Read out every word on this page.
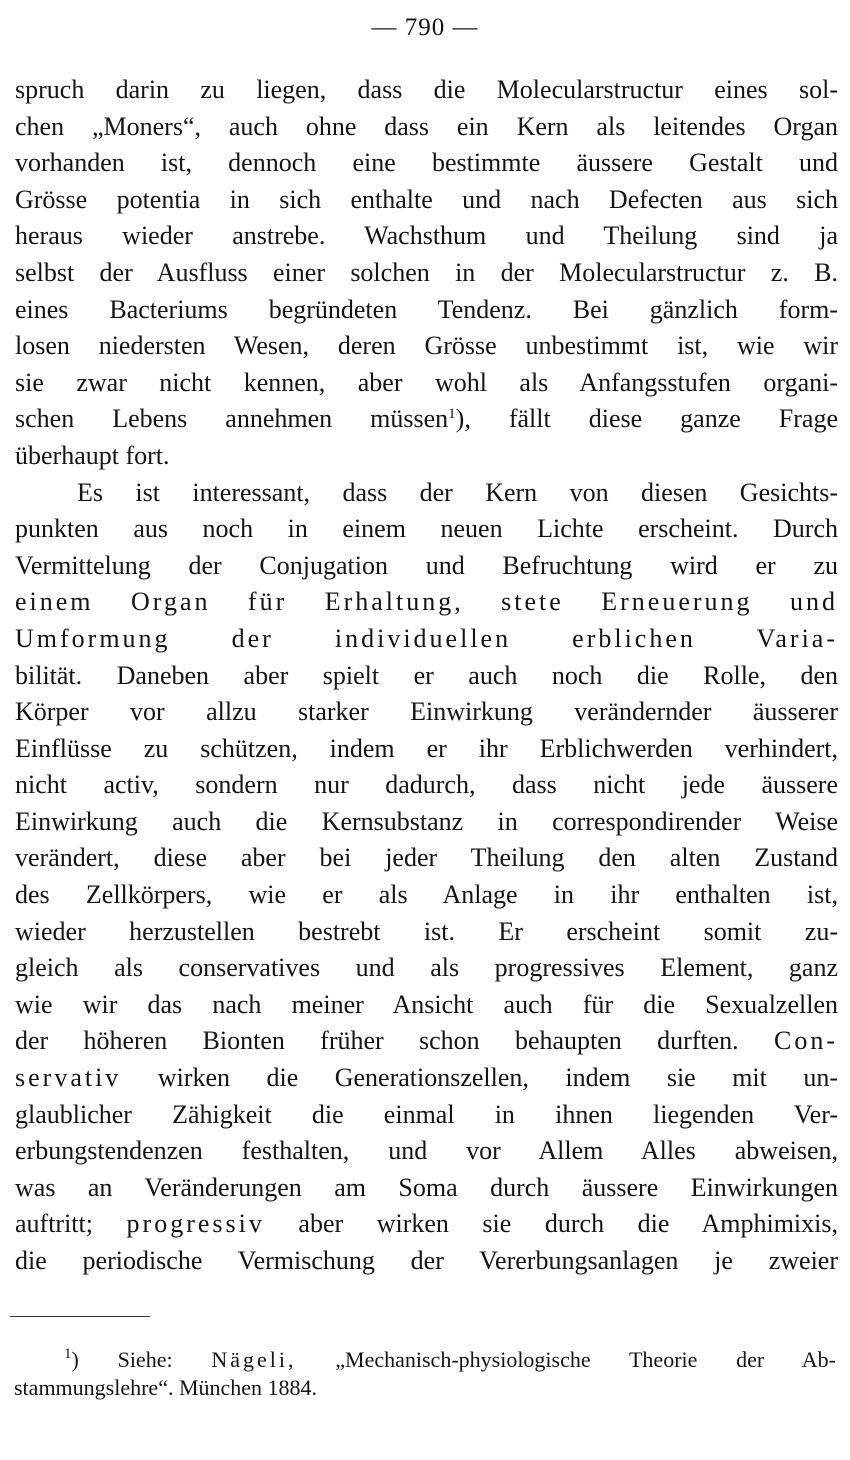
— 790 —
spruch darin zu liegen, dass die Molecularstructur eines sol-
chen „Moners“, auch ohne dass ein Kern als leitendes Organ
vorhanden ist, dennoch eine bestimmte äussere Gestalt und
Grösse potentia in sich enthalte und nach Defecten aus sich
heraus wieder anstrebe. Wachsthum und Theilung sind ja
selbst der Ausfluss einer solchen in der Molecularstructur z. B.
eines Bacteriums begründeten Tendenz. Bei gänzlich form-
losen niedersten Wesen, deren Grösse unbestimmt ist, wie wir
sie zwar nicht kennen, aber wohl als Anfangsstufen organi-
schen Lebens annehmen müssen$^1$), fällt diese ganze Frage
überhaupt fort.
Es ist interessant, dass der Kern von diesen Gesichts-
punkten aus noch in einem neuen Lichte erscheint. Durch
Vermittelung der Conjugation und Befruchtung wird er zu
einem Organ für Erhaltung, stete Erneuerung und
Umformung der individuellen erblichen Varia-
bilität. Daneben aber spielt er auch noch die Rolle, den
Körper vor allzu starker Einwirkung verändernder äusserer
Einflüsse zu schützen, indem er ihr Erblichwerden verhindert,
nicht activ, sondern nur dadurch, dass nicht jede äussere
Einwirkung auch die Kernsubstanz in correspondirender Weise
verändert, diese aber bei jeder Theilung den alten Zustand
des Zellkörpers, wie er als Anlage in ihr enthalten ist,
wieder herzustellen bestrebt ist. Er erscheint somit zu-
gleich als conservatives und als progressives Element, ganz
wie wir das nach meiner Ansicht auch für die Sexualzellen
der höheren Bionten früher schon behaupten durften. Con-
servativ wirken die Generationszellen, indem sie mit un-
glaublicher Zähigkeit die einmal in ihnen liegenden Ver-
erbungstendenzen festhalten, und vor Allem Alles abweisen,
was an Veränderungen am Soma durch äussere Einwirkungen
auftritt; progressiv aber wirken sie durch die Amphimixis,
die periodische Vermischung der Vererbungsanlagen je zweier
$^1$) Siehe: Nägeli, „Mechanisch-physiologische Theorie der Ab-
stammungslehre“. München 1884.
